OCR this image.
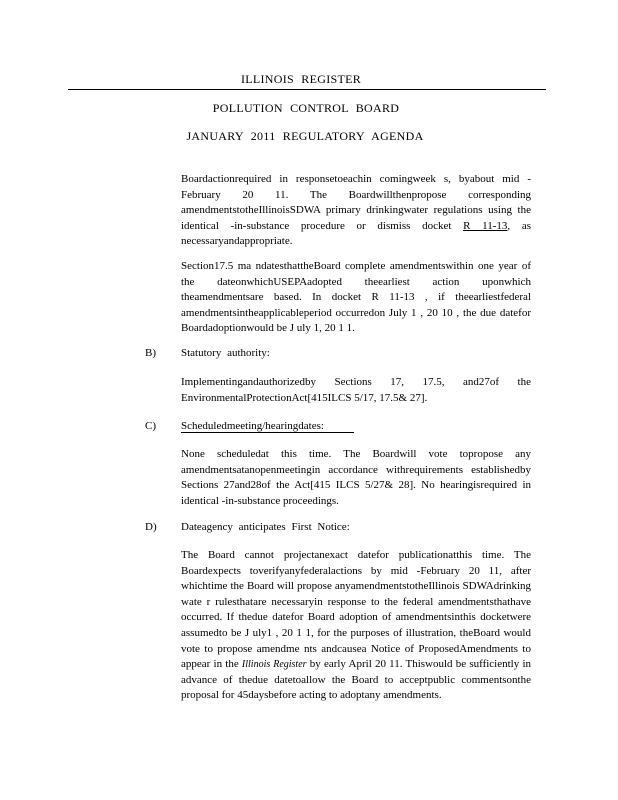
ILLINOIS REGISTER
POLLUTION CONTROL BOARD
JANUARY 2011 REGULATORY AGENDA

Boardactionrequired in responsetoeachin comingweek s, byabout mid -February 20 11. The Boardwillthenpropose corresponding amendmentstotheIllinoisSDWA primary drinkingwater regulations using the identical -in-substance procedure or dismiss docket R 11-13, as necessaryandappropriate.

Section17.5 ma ndatesthattheBoard complete amendmentswithin one year of the dateonwhichUSEPAadopted theearliest action uponwhich theamendmentsare based. In docket R 11-13 , if theearliestfederal amendmentsintheapplicableperiod occurredon July 1 , 20 10 , the due datefor Boardadoptionwould be J uly 1, 20 1 1.

B) Statutory authority:

Implementingandauthorizedby Sections 17, 17.5, and27of the EnvironmentalProtectionAct[415ILCS 5/17, 17.5& 27].

C) Scheduledmeeting/hearingdates:

None scheduledat this time. The Boardwill vote topropose any amendmentsatanopenmeetingin accordance withrequirements establishedby Sections 27and28of the Act[415 ILCS 5/27& 28]. No hearingisrequired in identical -in-substance proceedings.

D) Dateagency anticipates First Notice:

The Board cannot projectanexact datefor publicationatthis time. The Boardexpects toverifyanyfederalactions by mid -February 20 11, after whichtime the Board will propose anyamendmentstotheIllinois SDWAdrinking wate r rulesthatare necessaryin response to the federal amendmentsthathave occurred. If thedue datefor Board adoption of amendmentsinthis docketwere assumedto be J uly1 , 20 1 1, for the purposes of illustration, theBoard would vote to propose amendme nts andcausea Notice of ProposedAmendments to appear in the Illinois Register by early April 20 11. Thiswould be sufficiently in advance of thedue datetoallow the Board to acceptpublic commentsonthe proposal for 45daysbefore acting to adoptany amendments.
